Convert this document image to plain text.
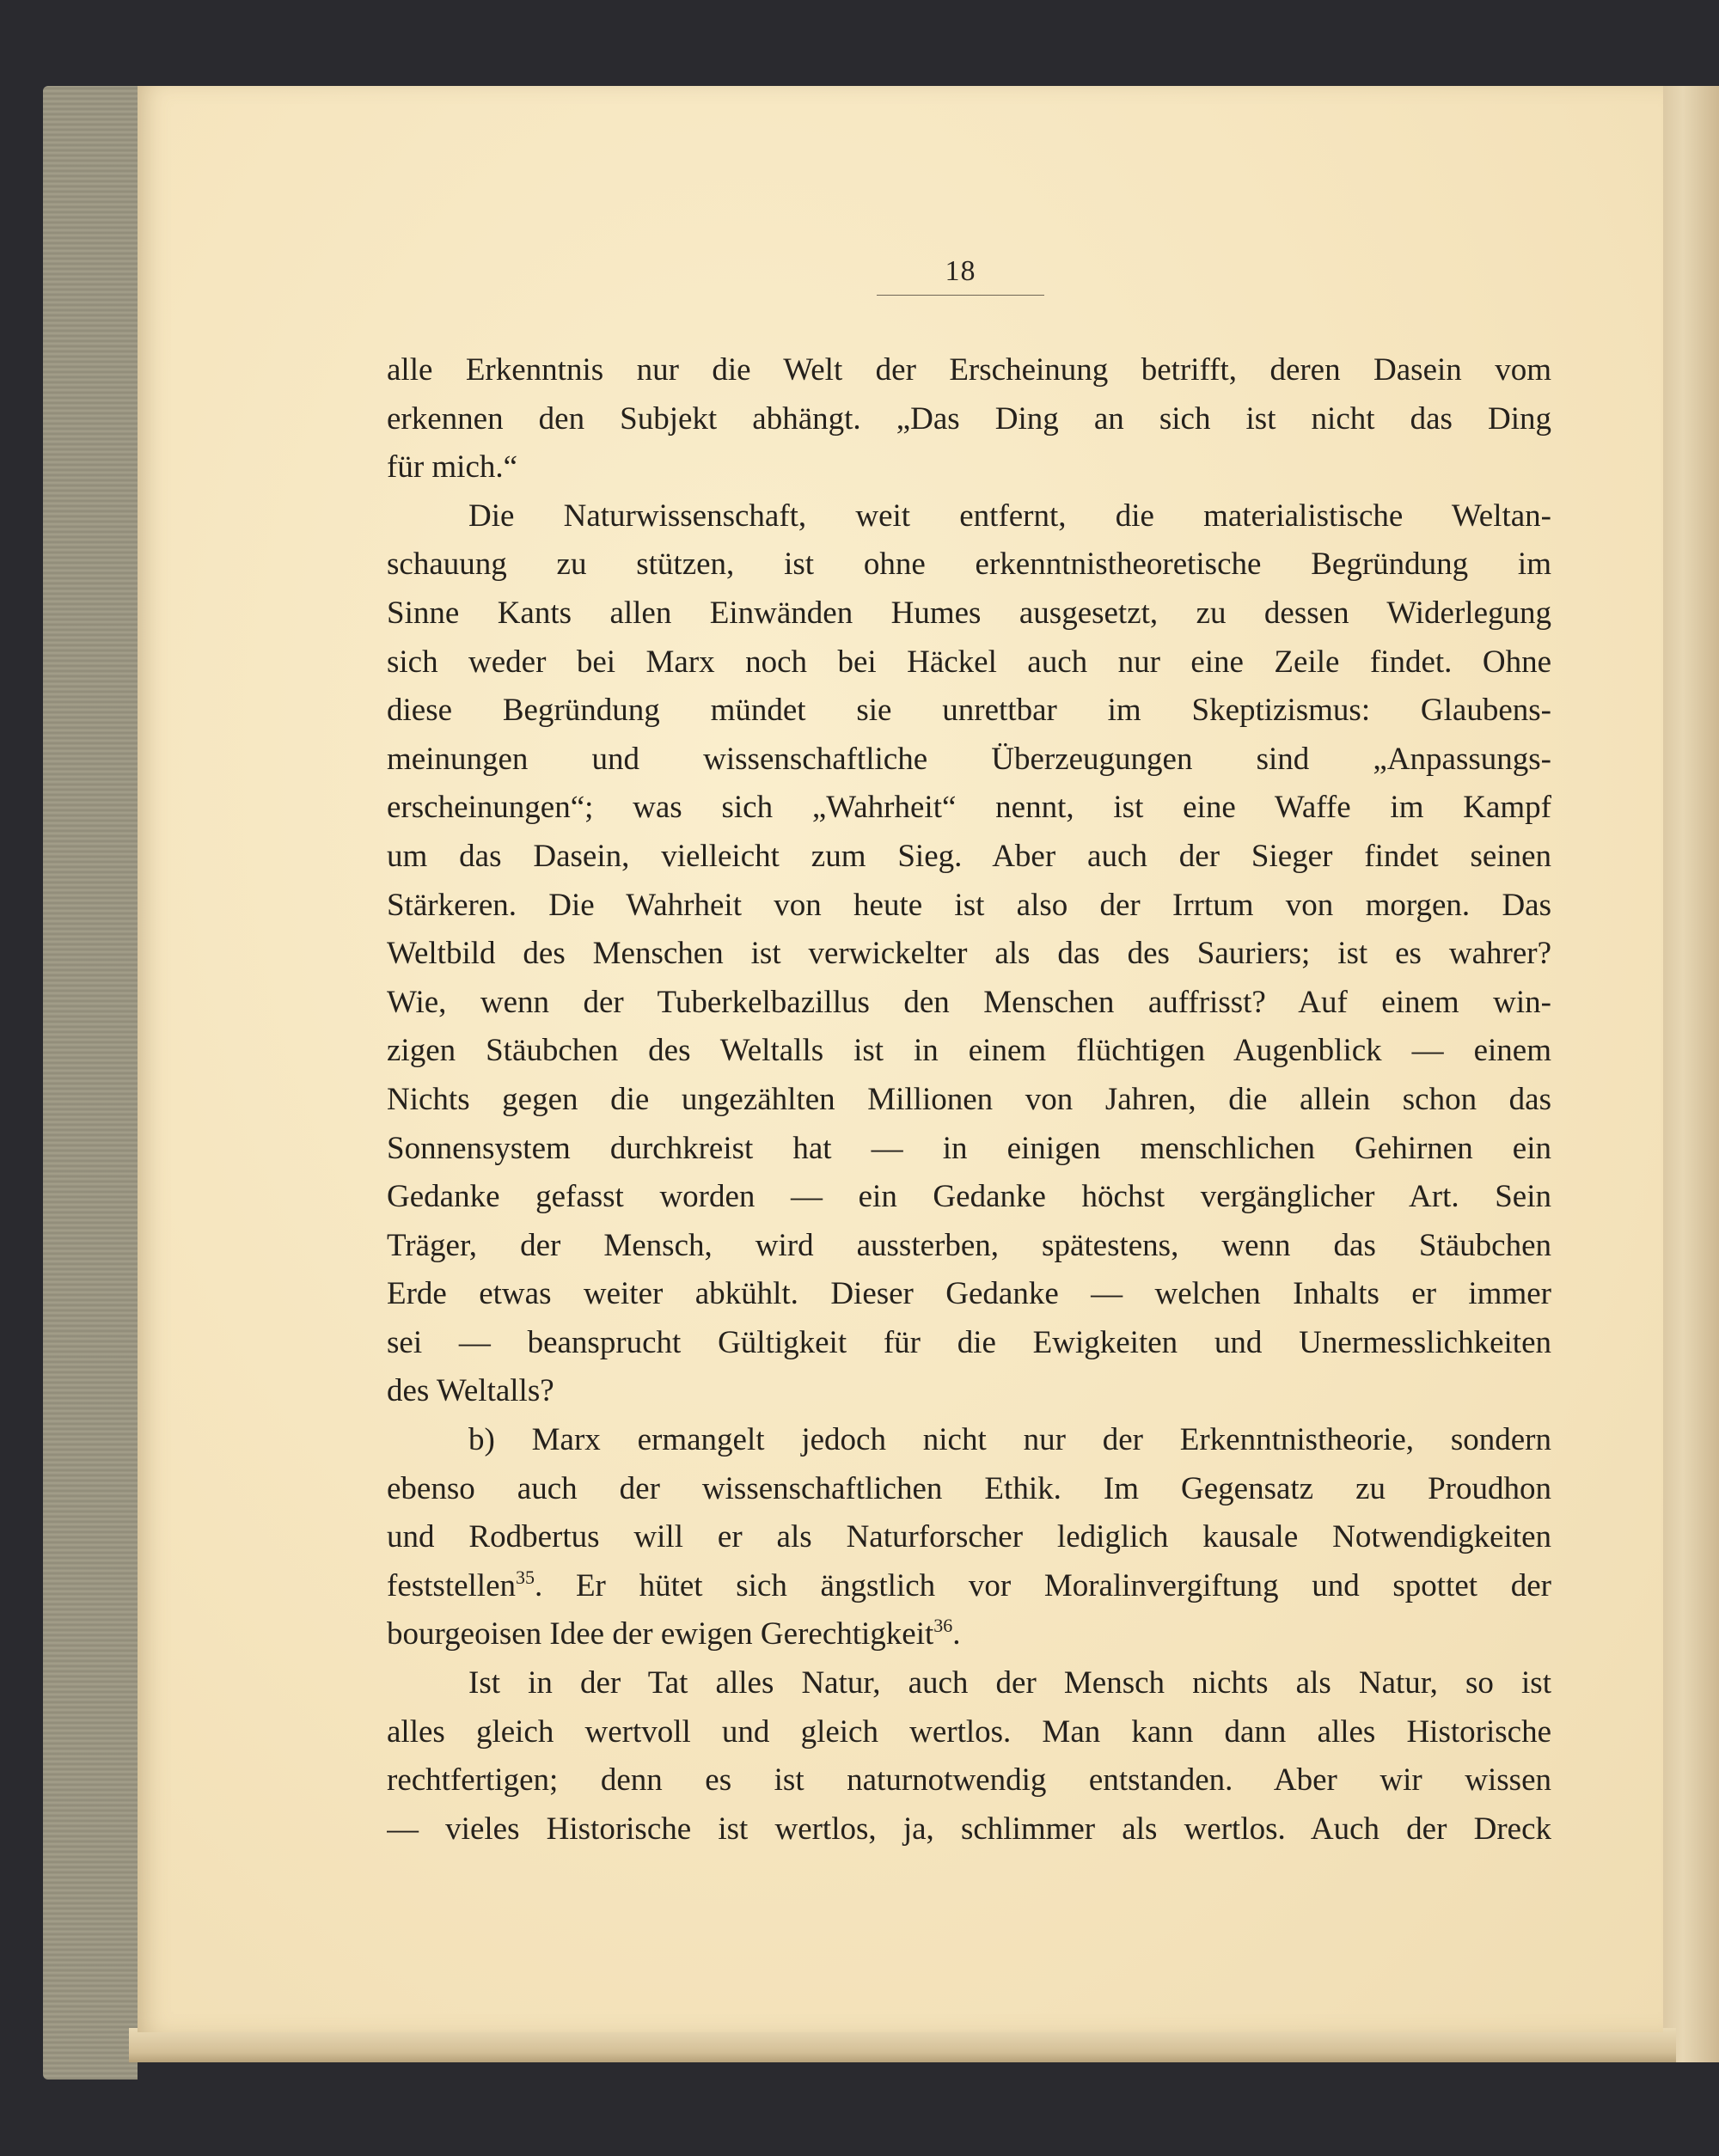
18
alle Erkenntnis nur die Welt der Erscheinung betrifft, deren Dasein vom
erkennen den Subjekt abhängt. „Das Ding an sich ist nicht das Ding
für mich.“
Die Naturwissenschaft, weit entfernt, die materialistische Weltan-
schauung zu stützen, ist ohne erkenntnistheoretische Begründung im
Sinne Kants allen Einwänden Humes ausgesetzt, zu dessen Widerlegung
sich weder bei Marx noch bei Häckel auch nur eine Zeile findet. Ohne
diese Begründung mündet sie unrettbar im Skeptizismus: Glaubens-
meinungen und wissenschaftliche Überzeugungen sind „Anpassungs-
erscheinungen“; was sich „Wahrheit“ nennt, ist eine Waffe im Kampf
um das Dasein, vielleicht zum Sieg. Aber auch der Sieger findet seinen
Stärkeren. Die Wahrheit von heute ist also der Irrtum von morgen. Das
Weltbild des Menschen ist verwickelter als das des Sauriers; ist es wahrer?
Wie, wenn der Tuberkelbazillus den Menschen auffrisst? Auf einem win-
zigen Stäubchen des Weltalls ist in einem flüchtigen Augenblick — einem
Nichts gegen die ungezählten Millionen von Jahren, die allein schon das
Sonnensystem durchkreist hat — in einigen menschlichen Gehirnen ein
Gedanke gefasst worden — ein Gedanke höchst vergänglicher Art. Sein
Träger, der Mensch, wird aussterben, spätestens, wenn das Stäubchen
Erde etwas weiter abkühlt. Dieser Gedanke — welchen Inhalts er immer
sei — beansprucht Gültigkeit für die Ewigkeiten und Unermesslichkeiten
des Weltalls?
b) Marx ermangelt jedoch nicht nur der Erkenntnistheorie, sondern
ebenso auch der wissenschaftlichen Ethik. Im Gegensatz zu Proudhon
und Rodbertus will er als Naturforscher lediglich kausale Notwendigkeiten
feststellen$^{35}$. Er hütet sich ängstlich vor Moralinvergiftung und spottet der
bourgeoisen Idee der ewigen Gerechtigkeit$^{36}$.
Ist in der Tat alles Natur, auch der Mensch nichts als Natur, so ist
alles gleich wertvoll und gleich wertlos. Man kann dann alles Historische
rechtfertigen; denn es ist naturnotwendig entstanden. Aber wir wissen
— vieles Historische ist wertlos, ja, schlimmer als wertlos. Auch der Dreck
